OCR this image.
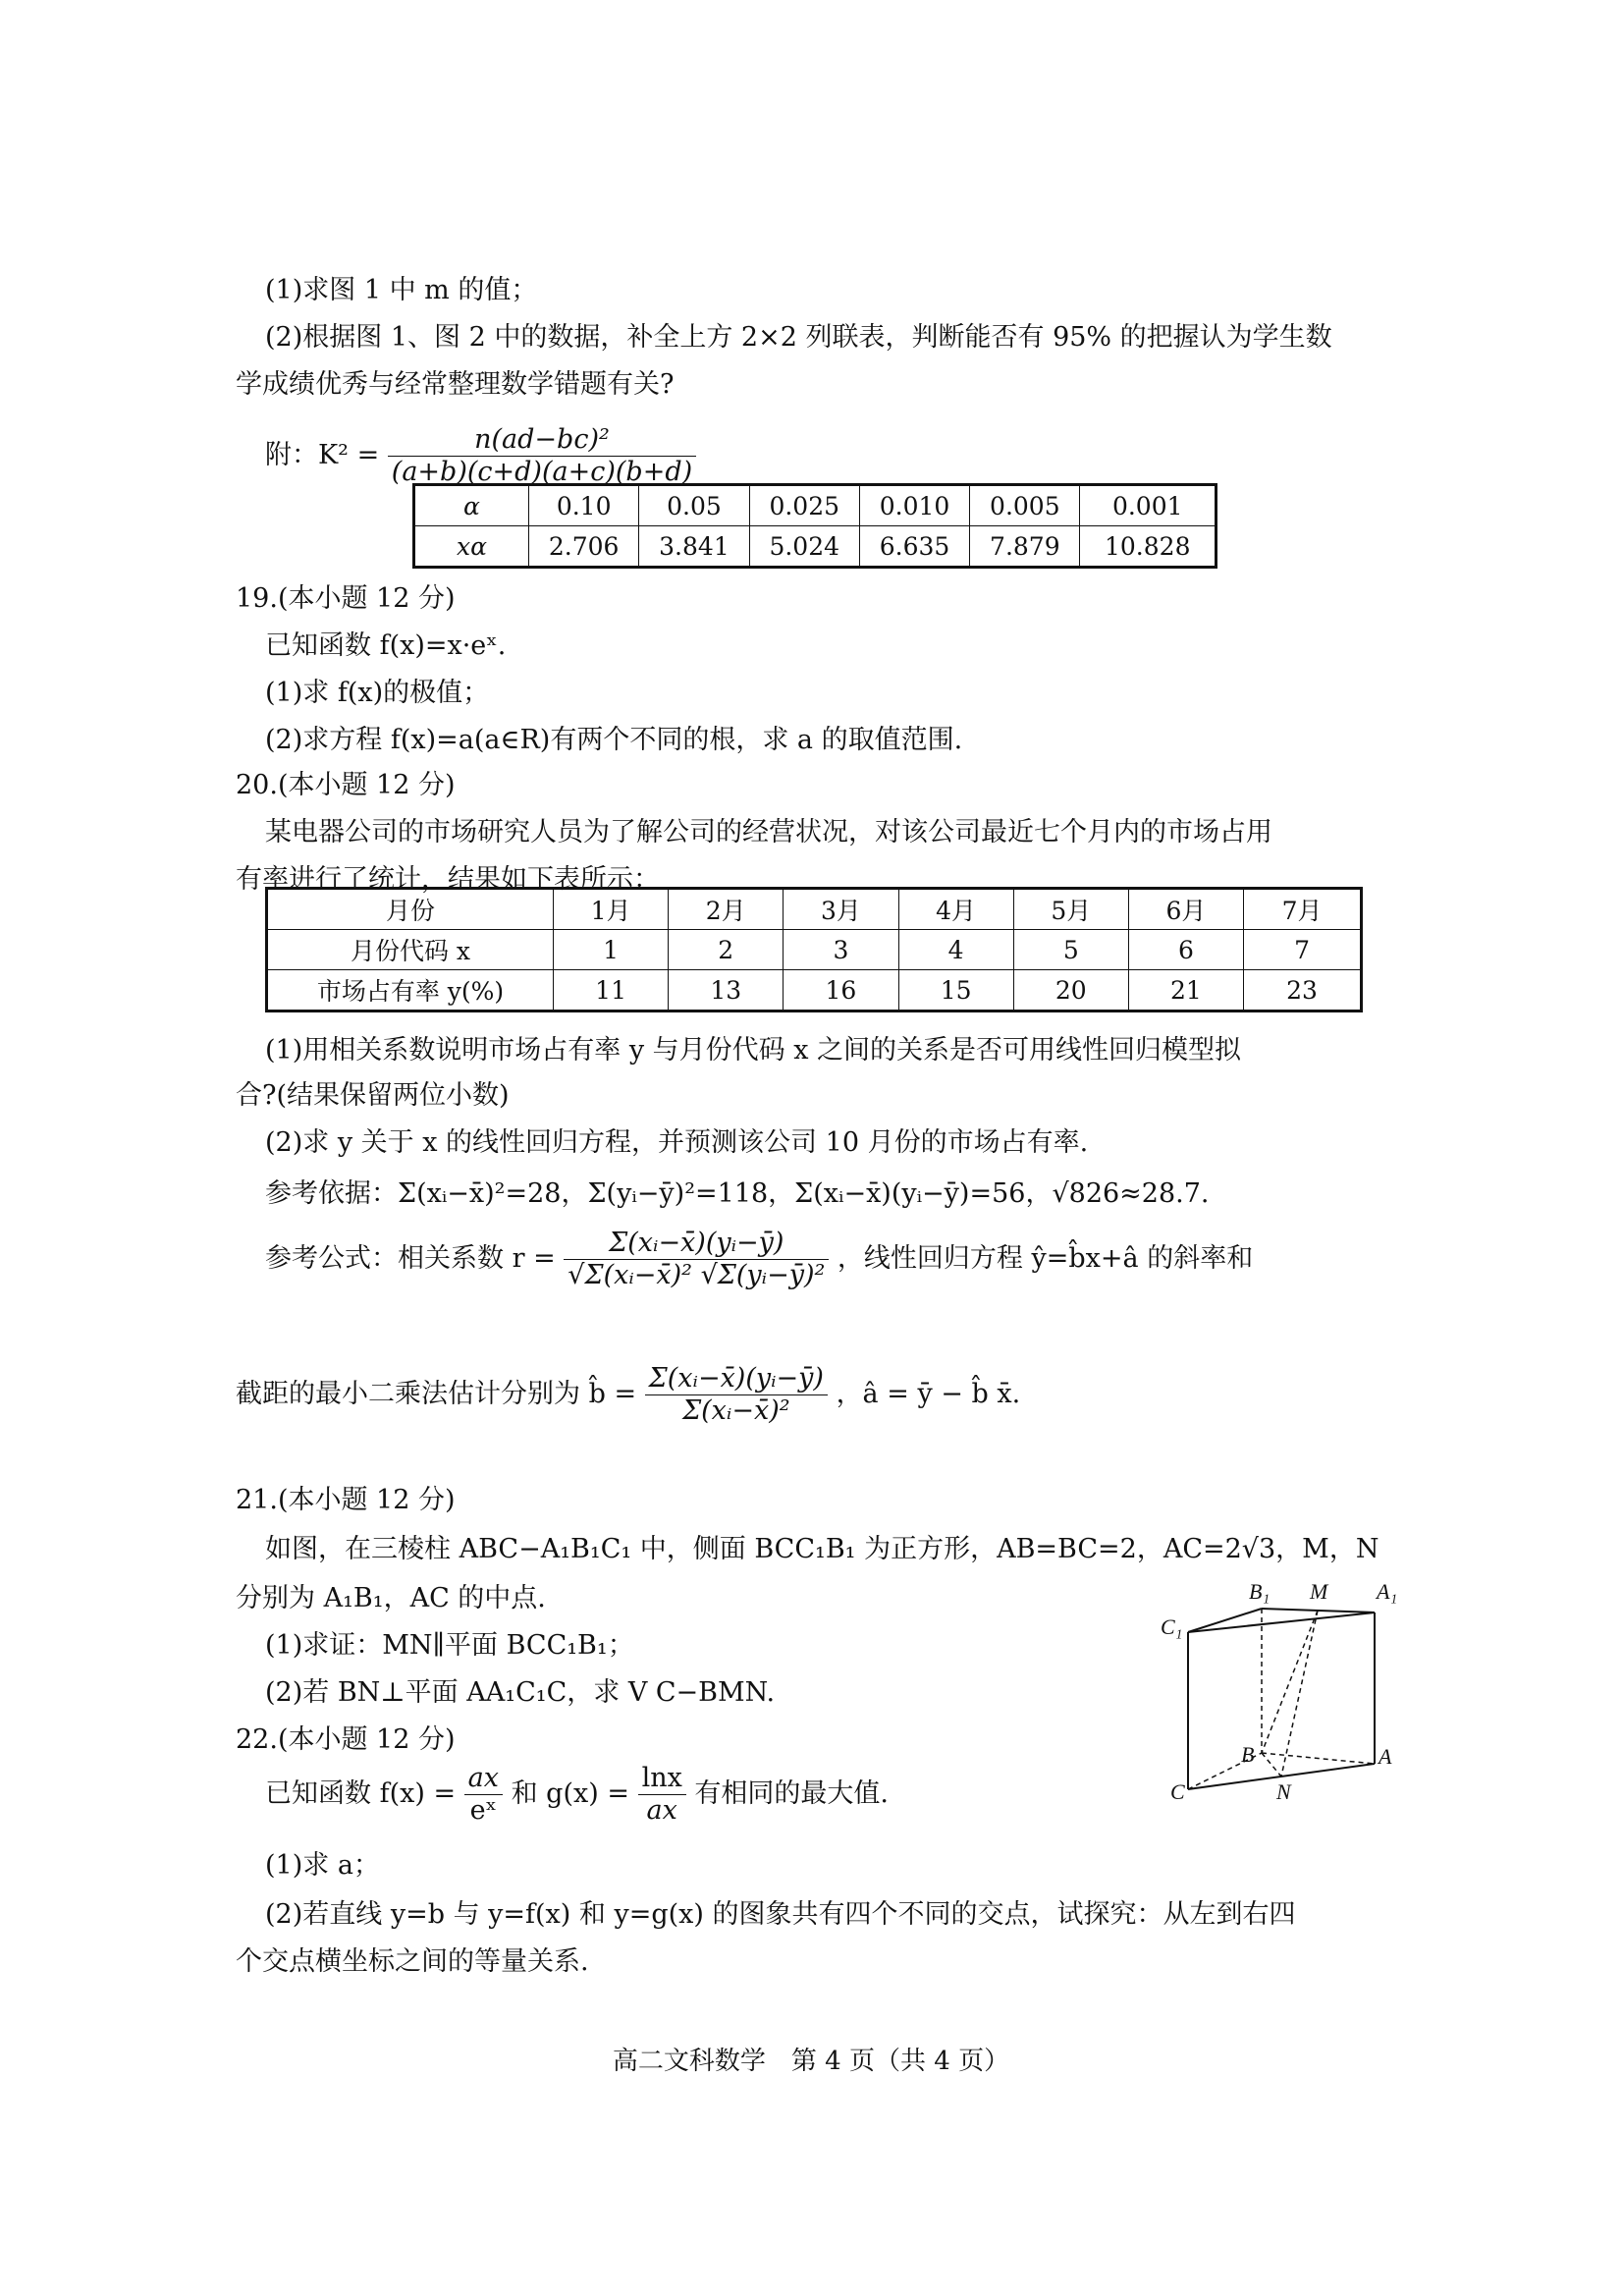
(1)求图 1 中 m 的值；
(2)根据图 1、图 2 中的数据，补全上方 2×2 列联表，判断能否有 95% 的把握认为学生数
学成绩优秀与经常整理数学错题有关?
附：$K^2 = \frac{\text{n(ad−bc)²}}{(a+b)(c+d)(a+c)(b+d)}$
α	0.10	0.05	0.025	0.010	0.005	0.001
xα	2.706	3.841	5.024	6.635	7.879	10.828
19.(本小题 12 分)
已知函数 f(x)=x·eˣ.
(1)求 f(x)的极值；
(2)求方程 f(x)=a(a∈R)有两个不同的根，求 a 的取值范围.
20.(本小题 12 分)
某电器公司的市场研究人员为了解公司的经营状况，对该公司最近七个月内的市场占用
有率进行了统计，结果如下表所示：
月份	1月	2月	3月	4月	5月	6月	7月
月份代码 x	1	2	3	4	5	6	7
市场占有率 y(%)	11	13	16	15	20	21	23
(1)用相关系数说明市场占有率 y 与月份代码 x 之间的关系是否可用线性回归模型拟
合?(结果保留两位小数)
(2)求 y 关于 x 的线性回归方程，并预测该公司 10 月份的市场占有率.
参考依据：Σ(xᵢ−x̄)²=28，Σ(yᵢ−ȳ)²=118，Σ(xᵢ−x̄)(yᵢ−ȳ)=56，√826≈28.7.
参考公式：相关系数 $r = \frac{\text{Σ(xᵢ−x̄)(yᵢ−ȳ)}}{\text{√Σ(xᵢ−x̄)² √Σ(yᵢ−ȳ)²}}$ ，线性回归方程 ŷ=b̂x+â 的斜率和
截距的最小二乘法估计分别为 b̂ = $\frac{\text{Σ(xᵢ−x̄)(yᵢ−ȳ)}}{\text{Σ(xᵢ−x̄)²}}$ ，â = ȳ − b̂ x̄.
21.(本小题 12 分)
如图，在三棱柱 ABC−A₁B₁C₁ 中，侧面 BCC₁B₁ 为正方形，AB=BC=2，AC=2√3，M，N
分别为 A₁B₁，AC 的中点.
(1)求证：MN∥平面 BCC₁B₁；
(2)若 BN⊥平面 AA₁C₁C，求 V C−BMN.
B₁ M A₁
C₁
B	A
C	N
22.(本小题 12 分)
已知函数 $f(x) = \frac{ax}{\text{eˣ}}$ 和 $g(x) = \frac{\ln x}{ax}$ 有相同的最大值.
(1)求 a；
(2)若直线 y=b 与 y=f(x) 和 y=g(x) 的图象共有四个不同的交点，试探究：从左到右四
个交点横坐标之间的等量关系.
高二文科数学　第 4 页（共 4 页）
